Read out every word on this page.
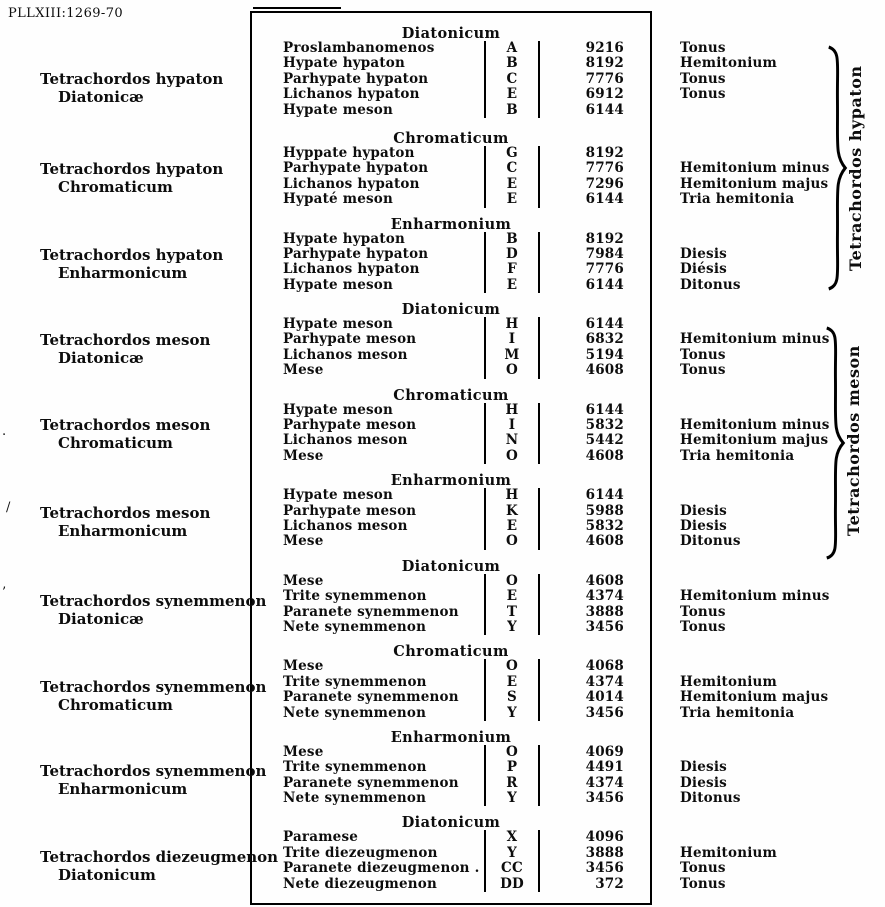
PLLXIII:1269-70
Tetrachordos hypaton
Diatonicæ
Tetrachordos hypaton
Chromaticum
Tetrachordos hypaton
Enharmonicum
Tetrachordos meson
Diatonicæ
Tetrachordos meson
Chromaticum
Tetrachordos meson
Enharmonicum
Tetrachordos synemmenon
Diatonicæ
Tetrachordos synemmenon
Chromaticum
Tetrachordos synemmenon
Enharmonicum
Tetrachordos diezeugmenon
Diatonicum
Diatonicum
Proslambanomenos	A	9216	Tonus
Hypate hypaton	B	8192	Hemitonium
Parhypate hypaton	C	7776	Tonus
Lichanos hypaton	E	6912	Tonus
Hypate meson	B	6144
Chromaticum
Hyppate hypaton	G	8192
Parhypate hypaton	C	7776	Hemitonium minus
Lichanos hypaton	E	7296	Hemitonium majus
Hypaté meson	E	6144	Tria hemitonia
Enharmonium
Hypate hypaton	B	8192
Parhypate hypaton	D	7984	Diesis
Lichanos hypaton	F	7776	Diésis
Hypate meson	E	6144	Ditonus
Diatonicum
Hypate meson	H	6144
Parhypate meson	I	6832	Hemitonium minus
Lichanos meson	M	5194	Tonus
Mese	O	4608	Tonus
Chromaticum
Hypate meson	H	6144
Parhypate meson	I	5832	Hemitonium minus
Lichanos meson	N	5442	Hemitonium majus
Mese	O	4608	Tria hemitonia
Enharmonium
Hypate meson	H	6144
Parhypate meson	K	5988	Diesis
Lichanos meson	E	5832	Diesis
Mese	O	4608	Ditonus
Diatonicum
Mese	O	4608
Trite synemmenon	E	4374	Hemitonium minus
Paranete synemmenon	T	3888	Tonus
Nete synemmenon	Y	3456	Tonus
Chromaticum
Mese	O	4068
Trite synemmenon	E	4374	Hemitonium
Paranete synemmenon	S	4014	Hemitonium majus
Nete synemmenon	Y	3456	Tria hemitonia
Enharmonium
Mese	O	4069
Trite synemmenon	P	4491	Diesis
Paranete synemmenon	R	4374	Diesis
Nete synemmenon	Y	3456	Ditonus
Diatonicum
Paramese	X	4096
Trite diezeugmenon	Y	3888	Hemitonium
Paranete diezeugmenon .	CC	3456	Tonus
Nete diezeugmenon	DD	372	Tonus
.
/
’
Tetrachordos hypaton
Tetrachordos meson
